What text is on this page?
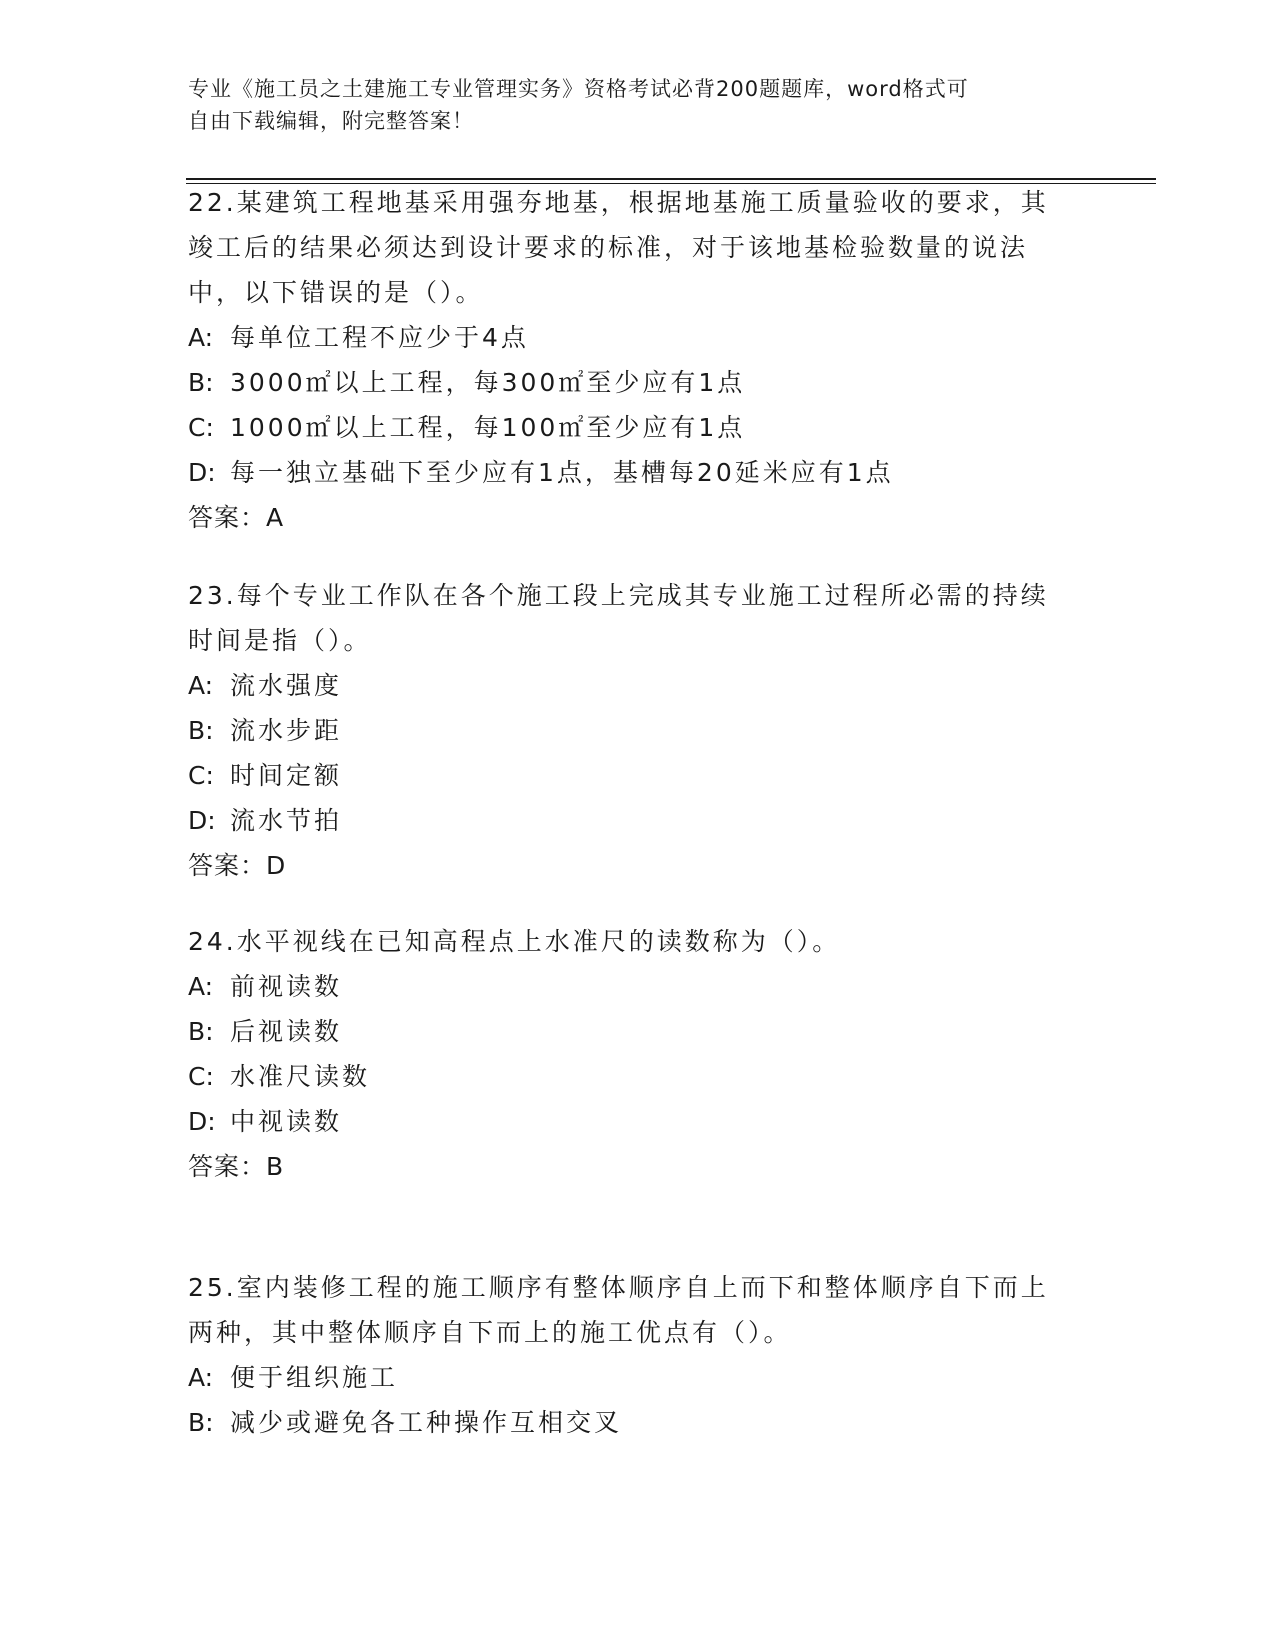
专业《施工员之土建施工专业管理实务》资格考试必背200题题库，word格式可
自由下载编辑，附完整答案！
22.某建筑工程地基采用强夯地基，根据地基施工质量验收的要求，其
竣工后的结果必须达到设计要求的标准，对于该地基检验数量的说法
中，以下错误的是（）。
A: 每单位工程不应少于4点
B: 3000㎡以上工程，每300㎡至少应有1点
C: 1000㎡以上工程，每100㎡至少应有1点
D: 每一独立基础下至少应有1点，基槽每20延米应有1点
答案：A
23.每个专业工作队在各个施工段上完成其专业施工过程所必需的持续
时间是指（）。
A: 流水强度
B: 流水步距
C: 时间定额
D: 流水节拍
答案：D
24.水平视线在已知高程点上水准尺的读数称为（）。
A: 前视读数
B: 后视读数
C: 水准尺读数
D: 中视读数
答案：B
25.室内装修工程的施工顺序有整体顺序自上而下和整体顺序自下而上
两种，其中整体顺序自下而上的施工优点有（）。
A: 便于组织施工
B: 减少或避免各工种操作互相交叉
